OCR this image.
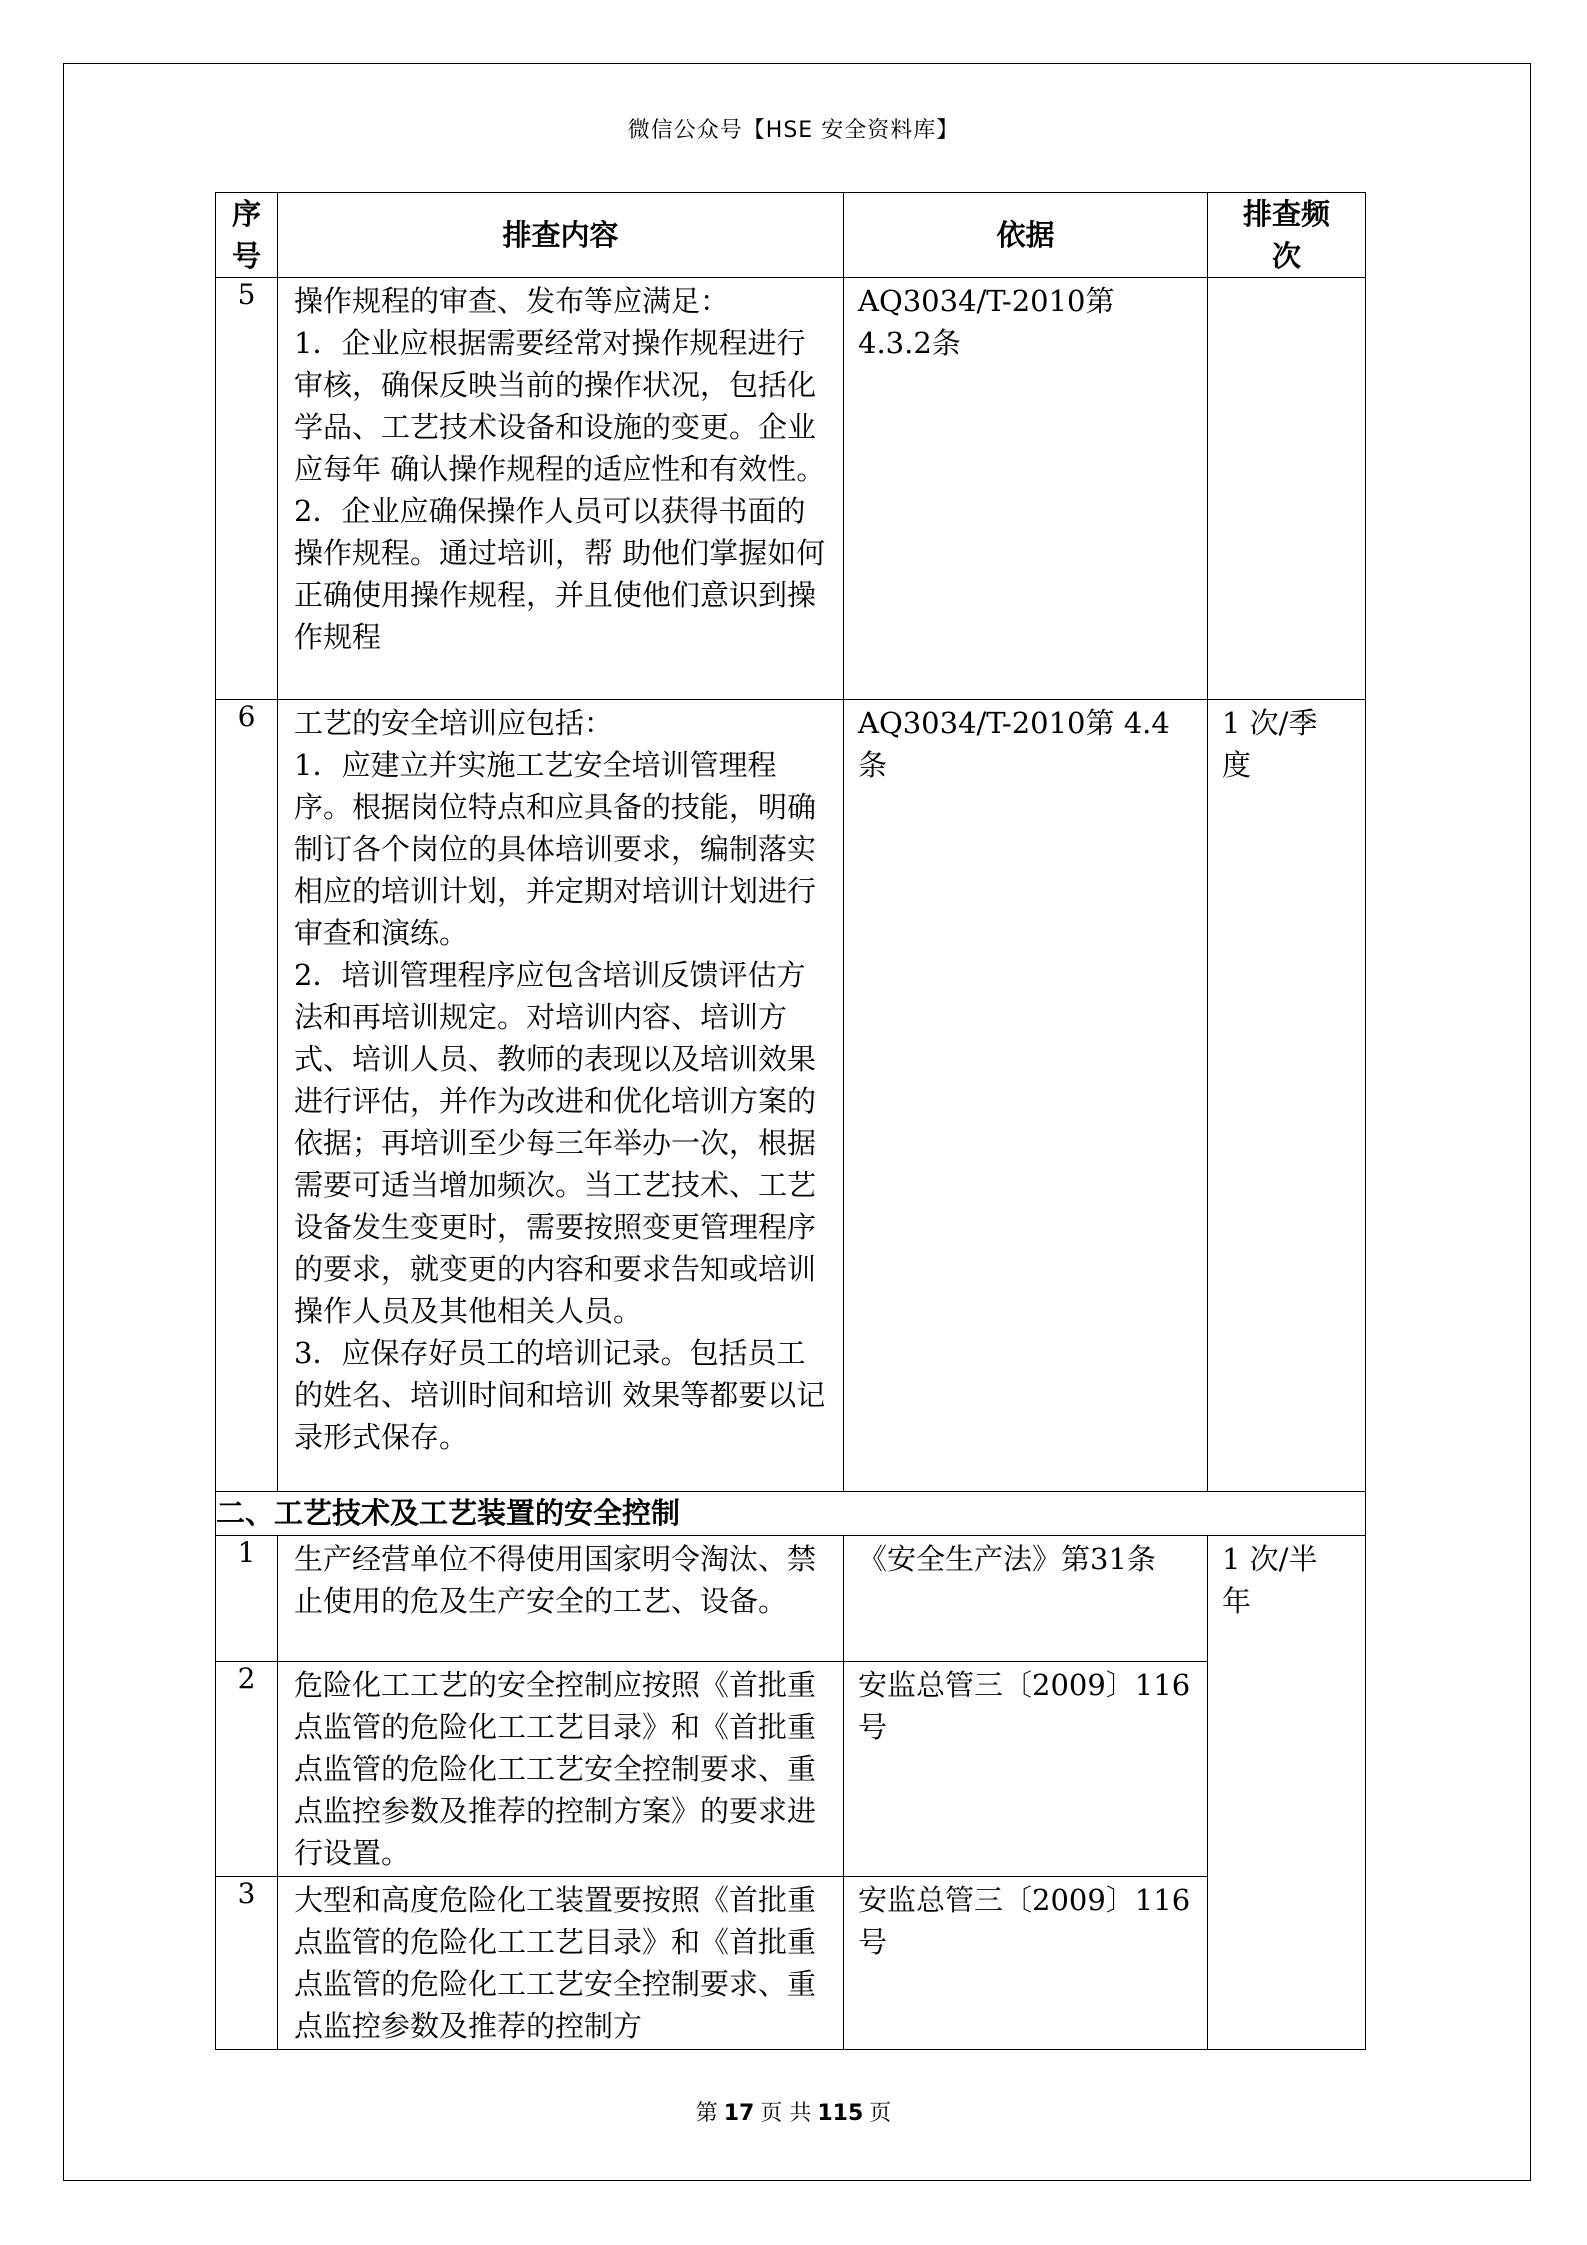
微信公众号【HSE 安全资料库】
序
号	排查内容	依据	排查频
次

5	操作规程的审查、发布等应满足：
1．企业应根据需要经常对操作规程进行审核，确保反映当前的操作状况，包括化学品、工艺技术设备和设施的变更。企业应每年 确认操作规程的适应性和有效性。
2．企业应确保操作人员可以获得书面的操作规程。通过培训，帮 助他们掌握如何正确使用操作规程，并且使他们意识到操作规程	AQ3034/T-2010第
4.3.2条	

6	工艺的安全培训应包括：
1．应建立并实施工艺安全培训管理程序。根据岗位特点和应具备的技能，明确制订各个岗位的具体培训要求，编制落实相应的培训计划，并定期对培训计划进行审查和演练。
2．培训管理程序应包含培训反馈评估方法和再培训规定。对培训内容、培训方式、培训人员、教师的表现以及培训效果进行评估，并作为改进和优化培训方案的依据；再培训至少每三年举办一次，根据需要可适当增加频次。当工艺技术、工艺设备发生变更时，需要按照变更管理程序的要求，就变更的内容和要求告知或培训操作人员及其他相关人员。
3．应保存好员工的培训记录。包括员工的姓名、培训时间和培训 效果等都要以记录形式保存。	AQ3034/T-2010第 4.4
条	1 次/季
度

二、工艺技术及工艺装置的安全控制			
1	生产经营单位不得使用国家明令淘汰、禁止使用的危及生产安全的工艺、设备。	《安全生产法》第31条	1 次/半
年

2	危险化工工艺的安全控制应按照《首批重点监管的危险化工工艺目录》和《首批重点监管的危险化工工艺安全控制要求、重点监控参数及推荐的控制方案》的要求进行设置。	安监总管三〔2009〕116号	

3	大型和高度危险化工装置要按照《首批重点监管的危险化工工艺目录》和《首批重点监管的危险化工工艺安全控制要求、重点监控参数及推荐的控制方	安监总管三〔2009〕116号	
第 17 页 共 115 页
